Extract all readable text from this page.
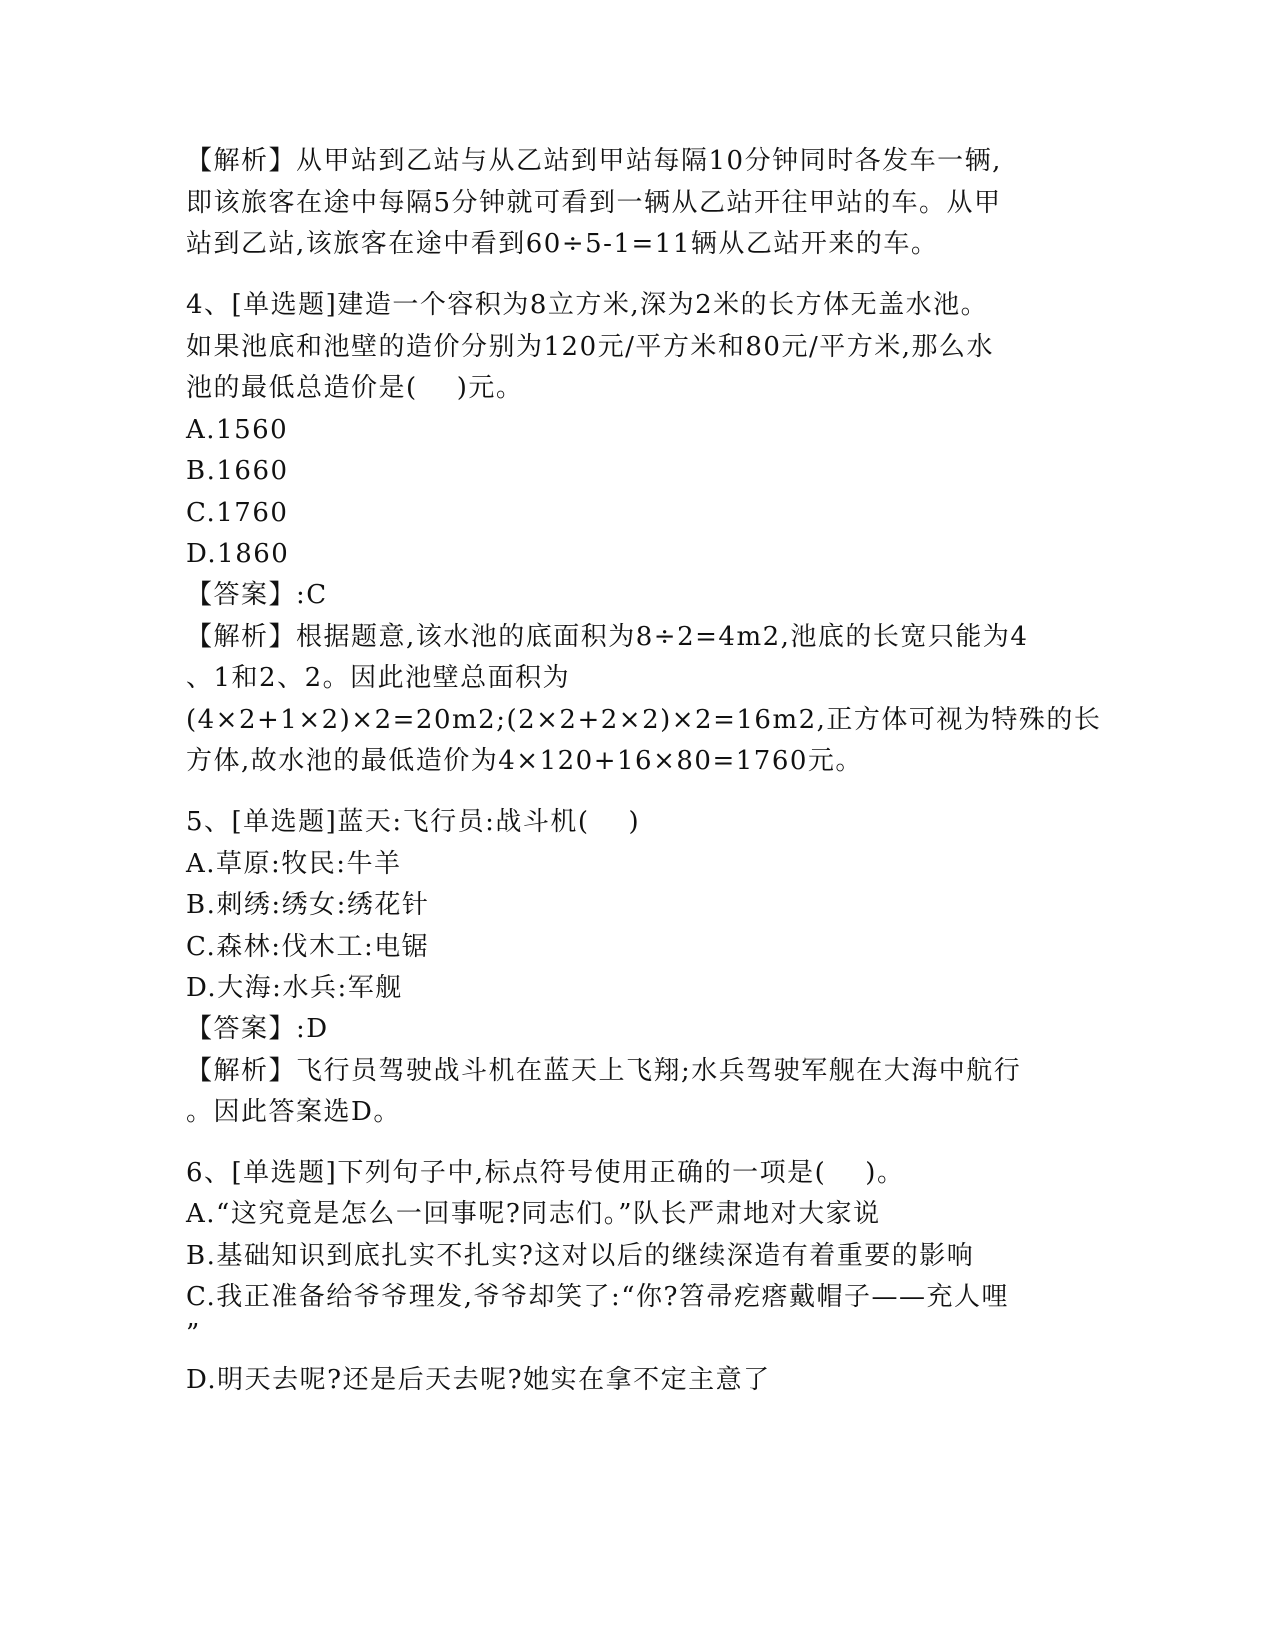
【解析】从甲站到乙站与从乙站到甲站每隔10分钟同时各发车一辆,
即该旅客在途中每隔5分钟就可看到一辆从乙站开往甲站的车。从甲
站到乙站,该旅客在途中看到60÷5-1=11辆从乙站开来的车。
4、[单选题]建造一个容积为8立方米,深为2米的长方体无盖水池。
如果池底和池壁的造价分别为120元/平方米和80元/平方米,那么水
池的最低总造价是(    )元。
A.1560
B.1660
C.1760
D.1860
【答案】:C
【解析】根据题意,该水池的底面积为8÷2=4m2,池底的长宽只能为4
、1和2、2。因此池壁总面积为
(4×2+1×2)×2=20m2;(2×2+2×2)×2=16m2,正方体可视为特殊的长
方体,故水池的最低造价为4×120+16×80=1760元。
5、[单选题]蓝天:飞行员:战斗机(    )
A.草原:牧民:牛羊
B.刺绣:绣女:绣花针
C.森林:伐木工:电锯
D.大海:水兵:军舰
【答案】:D
【解析】飞行员驾驶战斗机在蓝天上飞翔;水兵驾驶军舰在大海中航行
。因此答案选D。
6、[单选题]下列句子中,标点符号使用正确的一项是(    )。
A.“这究竟是怎么一回事呢?同志们。”队长严肃地对大家说
B.基础知识到底扎实不扎实?这对以后的继续深造有着重要的影响
C.我正准备给爷爷理发,爷爷却笑了:“你?笤帚疙瘩戴帽子——充人哩
”
D.明天去呢?还是后天去呢?她实在拿不定主意了
